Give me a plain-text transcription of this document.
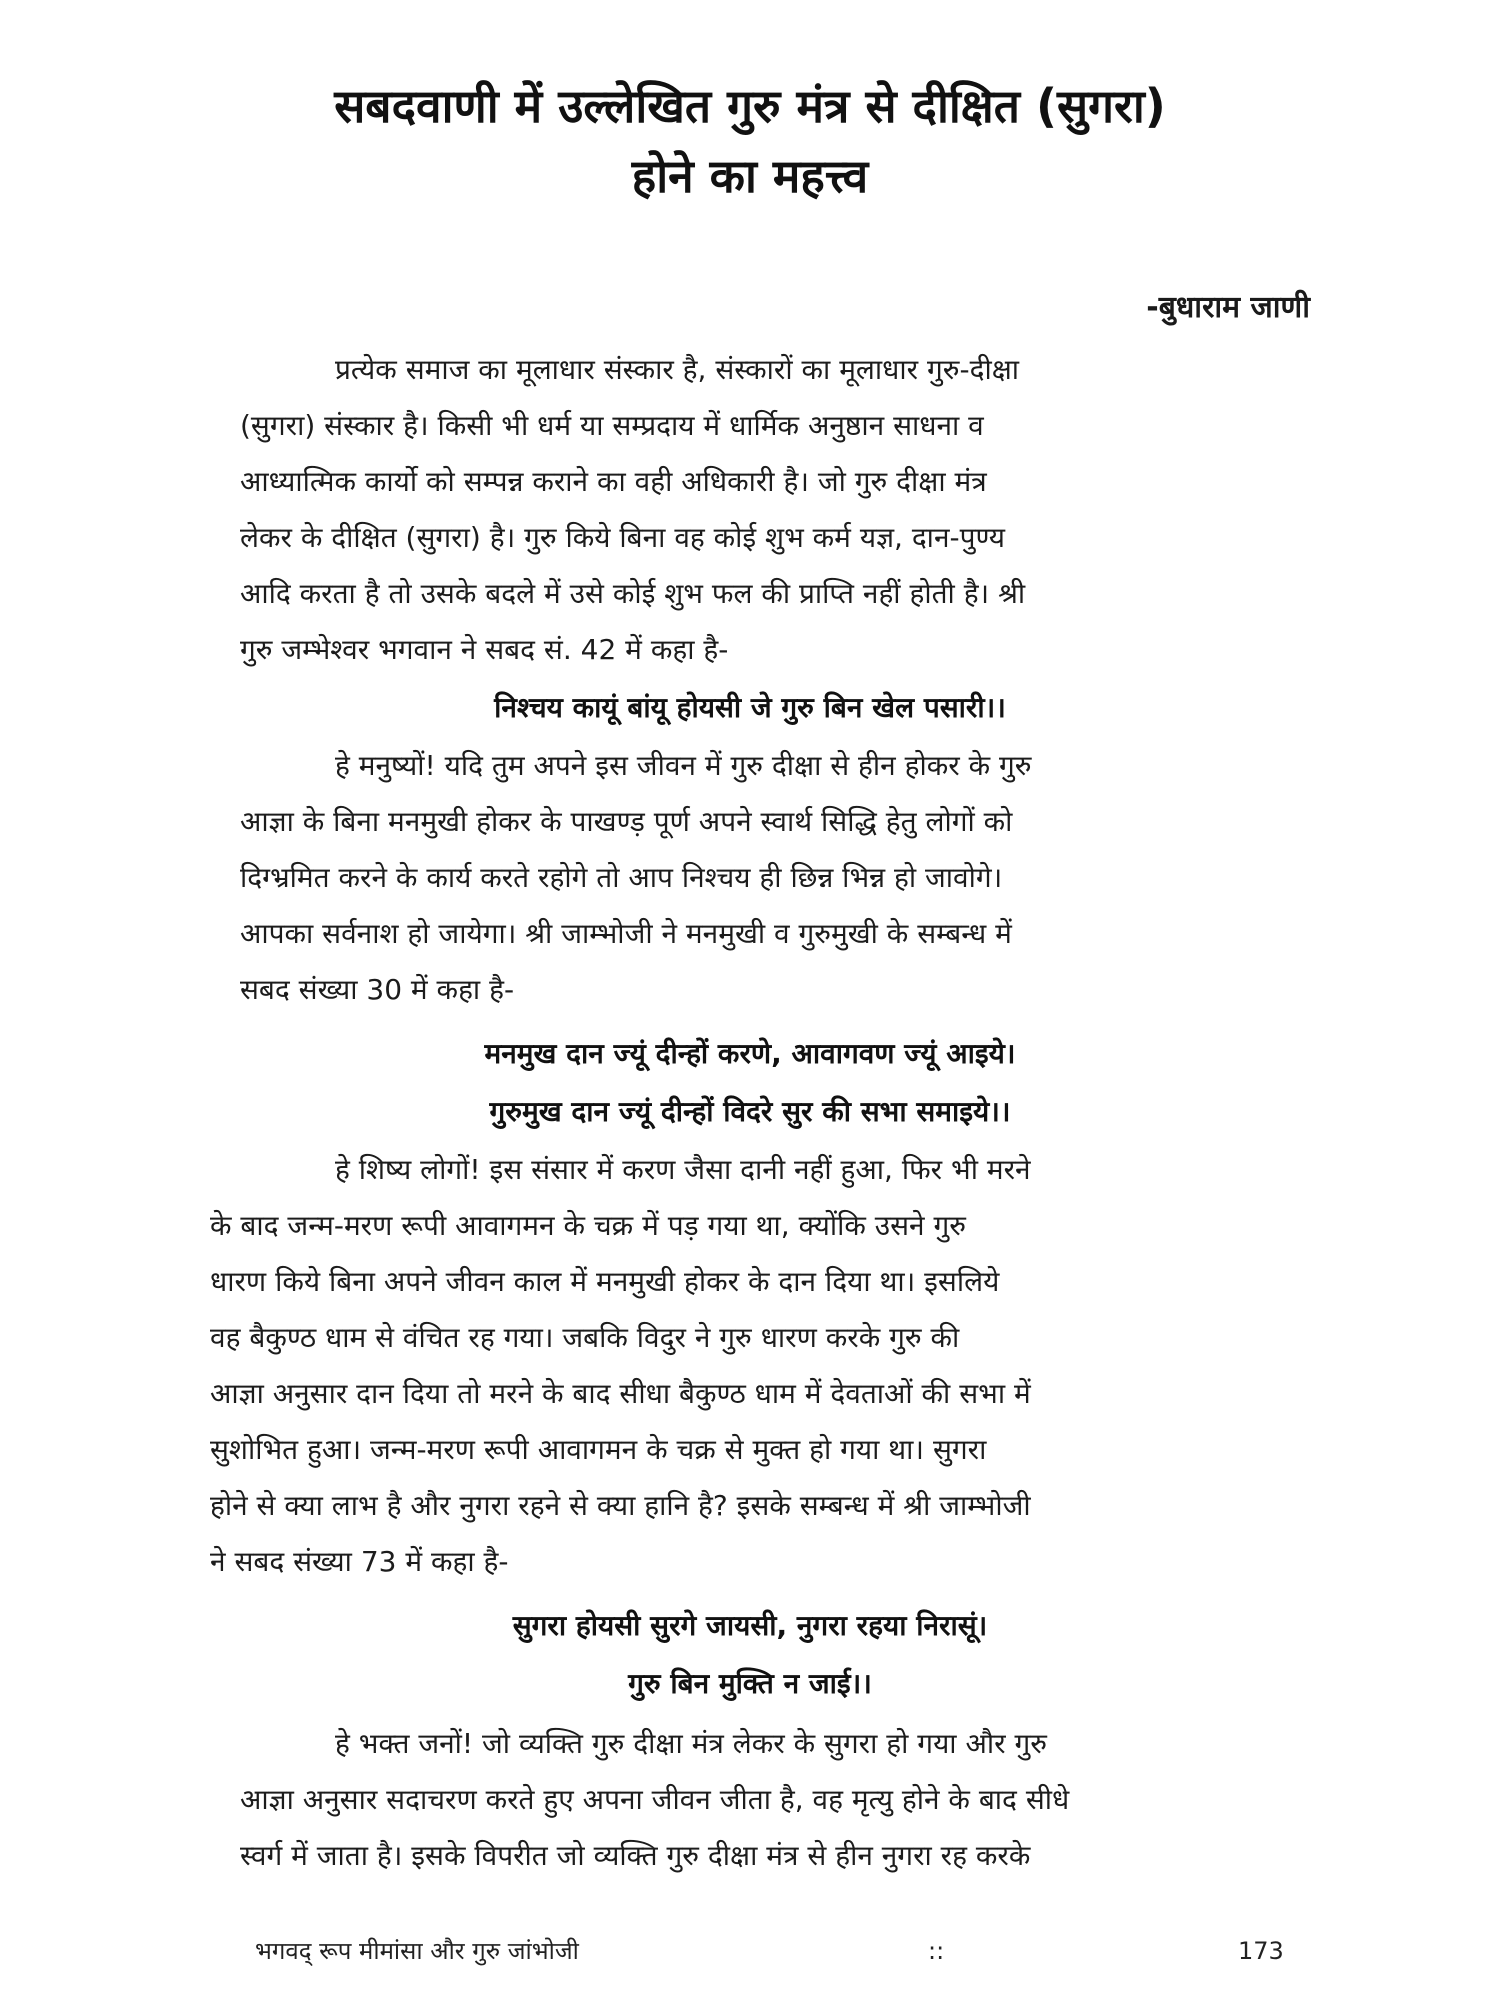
सबदवाणी में उल्लेखित गुरु मंत्र से दीक्षित (सुगरा)
होने का महत्त्व
-बुधाराम जाणी
प्रत्येक समाज का मूलाधार संस्कार है, संस्कारों का मूलाधार गुरु-दीक्षा
(सुगरा) संस्कार है। किसी भी धर्म या सम्प्रदाय में धार्मिक अनुष्ठान साधना व
आध्यात्मिक कार्यो को सम्पन्न कराने का वही अधिकारी है। जो गुरु दीक्षा मंत्र
लेकर के दीक्षित (सुगरा) है। गुरु किये बिना वह कोई शुभ कर्म यज्ञ, दान-पुण्य
आदि करता है तो उसके बदले में उसे कोई शुभ फल की प्राप्ति नहीं होती है। श्री
गुरु जम्भेश्वर भगवान ने सबद सं. 42 में कहा है-
निश्चय कायूं बांयू होयसी जे गुरु बिन खेल पसारी।।
हे मनुष्यों! यदि तुम अपने इस जीवन में गुरु दीक्षा से हीन होकर के गुरु
आज्ञा के बिना मनमुखी होकर के पाखण्ड़ पूर्ण अपने स्वार्थ सिद्धि हेतु लोगों को
दिग्भ्रमित करने के कार्य करते रहोगे तो आप निश्चय ही छिन्न भिन्न हो जावोगे।
आपका सर्वनाश हो जायेगा। श्री जाम्भोजी ने मनमुखी व गुरुमुखी के सम्बन्ध में
सबद संख्या 30 में कहा है-
मनमुख दान ज्यूं दीन्हों करणे, आवागवण ज्यूं आइये।
गुरुमुख दान ज्यूं दीन्हों विदरे सुर की सभा समाइये।।
हे शिष्य लोगों! इस संसार में करण जैसा दानी नहीं हुआ, फिर भी मरने
के बाद जन्म-मरण रूपी आवागमन के चक्र में पड़ गया था, क्योंकि उसने गुरु
धारण किये बिना अपने जीवन काल में मनमुखी होकर के दान दिया था। इसलिये
वह बैकुण्ठ धाम से वंचित रह गया। जबकि विदुर ने गुरु धारण करके गुरु की
आज्ञा अनुसार दान दिया तो मरने के बाद सीधा बैकुण्ठ धाम में देवताओं की सभा में
सुशोभित हुआ। जन्म-मरण रूपी आवागमन के चक्र से मुक्त हो गया था। सुगरा
होने से क्या लाभ है और नुगरा रहने से क्या हानि है? इसके सम्बन्ध में श्री जाम्भोजी
ने सबद संख्या 73 में कहा है-
सुगरा होयसी सुरगे जायसी, नुगरा रहया निरासूं।
गुरु बिन मुक्ति न जाई।।
हे भक्त जनों! जो व्यक्ति गुरु दीक्षा मंत्र लेकर के सुगरा हो गया और गुरु
आज्ञा अनुसार सदाचरण करते हुए अपना जीवन जीता है, वह मृत्यु होने के बाद सीधे
स्वर्ग में जाता है। इसके विपरीत जो व्यक्ति गुरु दीक्षा मंत्र से हीन नुगरा रह करके
भगवद् रूप मीमांसा और गुरु जांभोजी	::	173
